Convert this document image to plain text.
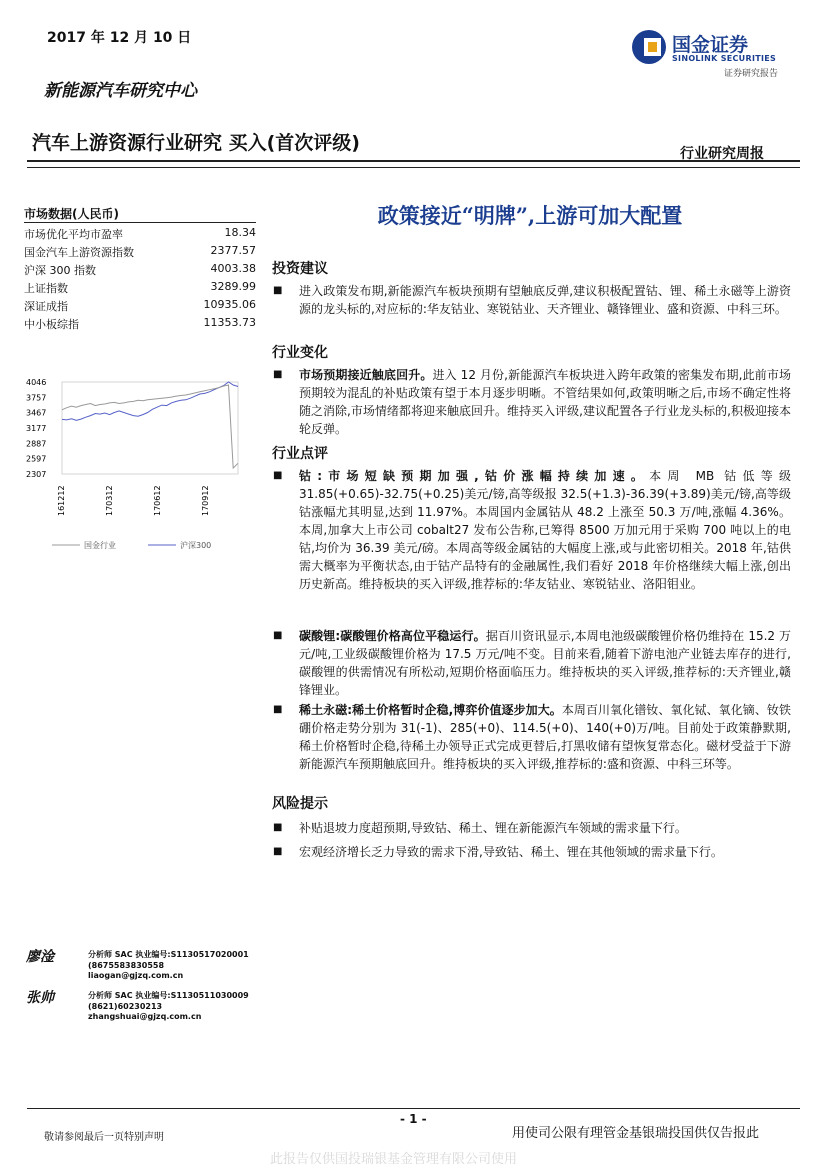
2017 年 12 月 10 日
新能源汽车研究中心
汽车上游资源行业研究 买入(首次评级)
国金证券
SINOLINK SECURITIES
证券研究报告
行业研究周报
政策接近“明牌”,上游可加大配置
市场数据(人民币)
市场优化平均市盈率	18.34
国金汽车上游资源指数	2377.57
沪深 300 指数	4003.38
上证指数	3289.99
深证成指	10935.06
中小板综指	11353.73
4046
3757
3467
3177
2887
2597
2307
161212	170312	170612	170912
国金行业	沪深300
投资建议
■ 进入政策发布期,新能源汽车板块预期有望触底反弹,建议积极配置钴、锂、稀土永磁等上游资源的龙头标的,对应标的:华友钴业、寒锐钴业、天齐锂业、赣锋锂业、盛和资源、中科三环。
行业变化
■ 市场预期接近触底回升。进入 12 月份,新能源汽车板块进入跨年政策的密集发布期,此前市场预期较为混乱的补贴政策有望于本月逐步明晰。不管结果如何,政策明晰之后,市场不确定性将随之消除,市场情绪都将迎来触底回升。维持买入评级,建议配置各子行业龙头标的,积极迎接本轮反弹。
行业点评
■ 钴:市场短缺预期加强,钴价涨幅持续加速。本周 MB 钴低等级 31.85(+0.65)-32.75(+0.25)美元/镑,高等级报 32.5(+1.3)-36.39(+3.89)美元/镑,高等级钴涨幅尤其明显,达到 11.97%。本周国内金属钴从 48.2 上涨至 50.3 万/吨,涨幅 4.36%。本周,加拿大上市公司 cobalt27 发布公告称,已筹得 8500 万加元用于采购 700 吨以上的电钴,均价为 36.39 美元/磅。本周高等级金属钴的大幅度上涨,或与此密切相关。2018 年,钴供需大概率为平衡状态,由于钴产品特有的金融属性,我们看好 2018 年价格继续大幅上涨,创出历史新高。维持板块的买入评级,推荐标的:华友钴业、寒锐钴业、洛阳钼业。
■ 碳酸锂:碳酸锂价格高位平稳运行。据百川资讯显示,本周电池级碳酸锂价格仍维持在 15.2 万元/吨,工业级碳酸锂价格为 17.5 万元/吨不变。目前来看,随着下游电池产业链去库存的进行,碳酸锂的供需情况有所松动,短期价格面临压力。维持板块的买入评级,推荐标的:天齐锂业,赣锋锂业。
■ 稀土永磁:稀土价格暂时企稳,博弈价值逐步加大。本周百川氧化镨钕、氧化铽、氧化镝、钕铁硼价格走势分别为 31(-1)、285(+0)、114.5(+0)、140(+0)万/吨。目前处于政策静默期,稀土价格暂时企稳,待稀土办领导正式完成更替后,打黑收储有望恢复常态化。磁材受益于下游新能源汽车预期触底回升。维持板块的买入评级,推荐标的:盛和资源、中科三环等。
风险提示
■ 补贴退坡力度超预期,导致钴、稀土、锂在新能源汽车领域的需求量下行。
■ 宏观经济增长乏力导致的需求下滑,导致钴、稀土、锂在其他领域的需求量下行。
廖淦	分析师 SAC 执业编号:S1130517020001
(8675583830558
liaogan@gjzq.com.cn
张帅	分析师 SAC 执业编号:S1130511030009
(8621)60230213
zhangshuai@gjzq.com.cn
- 1 -
敬请参阅最后一页特别声明	用使司公限有理管金基银瑞投国供仅告报此
此报告仅供国投瑞银基金管理有限公司使用
